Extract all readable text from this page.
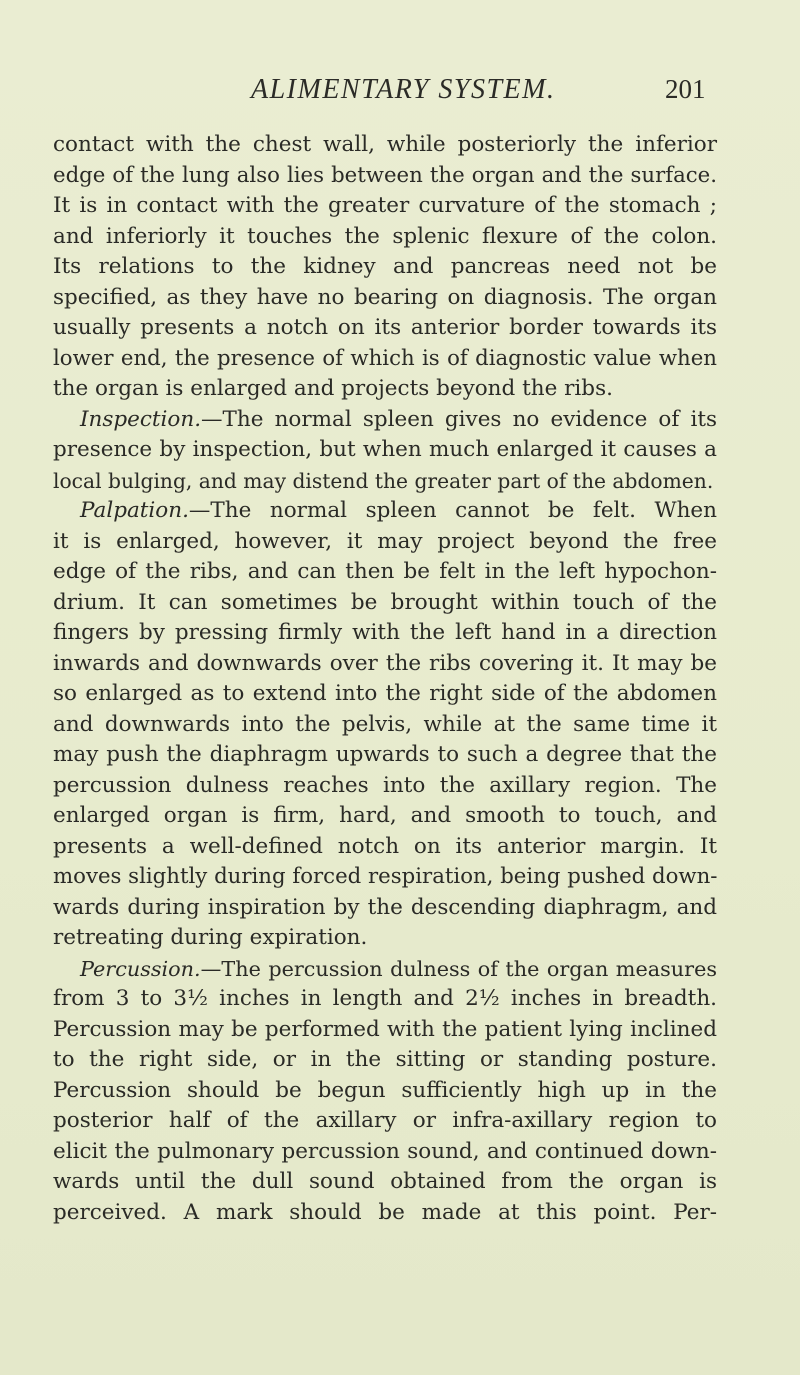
ALIMENTARY SYSTEM.	201
contact with the chest wall, while posteriorly the inferior
edge of the lung also lies between the organ and the surface.
It is in contact with the greater curvature of the stomach ;
and inferiorly it touches the splenic flexure of the colon.
Its relations to the kidney and pancreas need not be
specified, as they have no bearing on diagnosis. The organ
usually presents a notch on its anterior border towards its
lower end, the presence of which is of diagnostic value when
the organ is enlarged and projects beyond the ribs.
Inspection.—The normal spleen gives no evidence of its
presence by inspection, but when much enlarged it causes a
local bulging, and may distend the greater part of the abdomen.
Palpation.—The normal spleen cannot be felt. When
it is enlarged, however, it may project beyond the free
edge of the ribs, and can then be felt in the left hypochon-
drium. It can sometimes be brought within touch of the
fingers by pressing firmly with the left hand in a direction
inwards and downwards over the ribs covering it. It may be
so enlarged as to extend into the right side of the abdomen
and downwards into the pelvis, while at the same time it
may push the diaphragm upwards to such a degree that the
percussion dulness reaches into the axillary region. The
enlarged organ is firm, hard, and smooth to touch, and
presents a well-defined notch on its anterior margin. It
moves slightly during forced respiration, being pushed down-
wards during inspiration by the descending diaphragm, and
retreating during expiration.
Percussion.—The percussion dulness of the organ measures
from 3 to 3½ inches in length and 2½ inches in breadth.
Percussion may be performed with the patient lying inclined
to the right side, or in the sitting or standing posture.
Percussion should be begun sufficiently high up in the
posterior half of the axillary or infra-axillary region to
elicit the pulmonary percussion sound, and continued down-
wards until the dull sound obtained from the organ is
perceived. A mark should be made at this point. Per-
